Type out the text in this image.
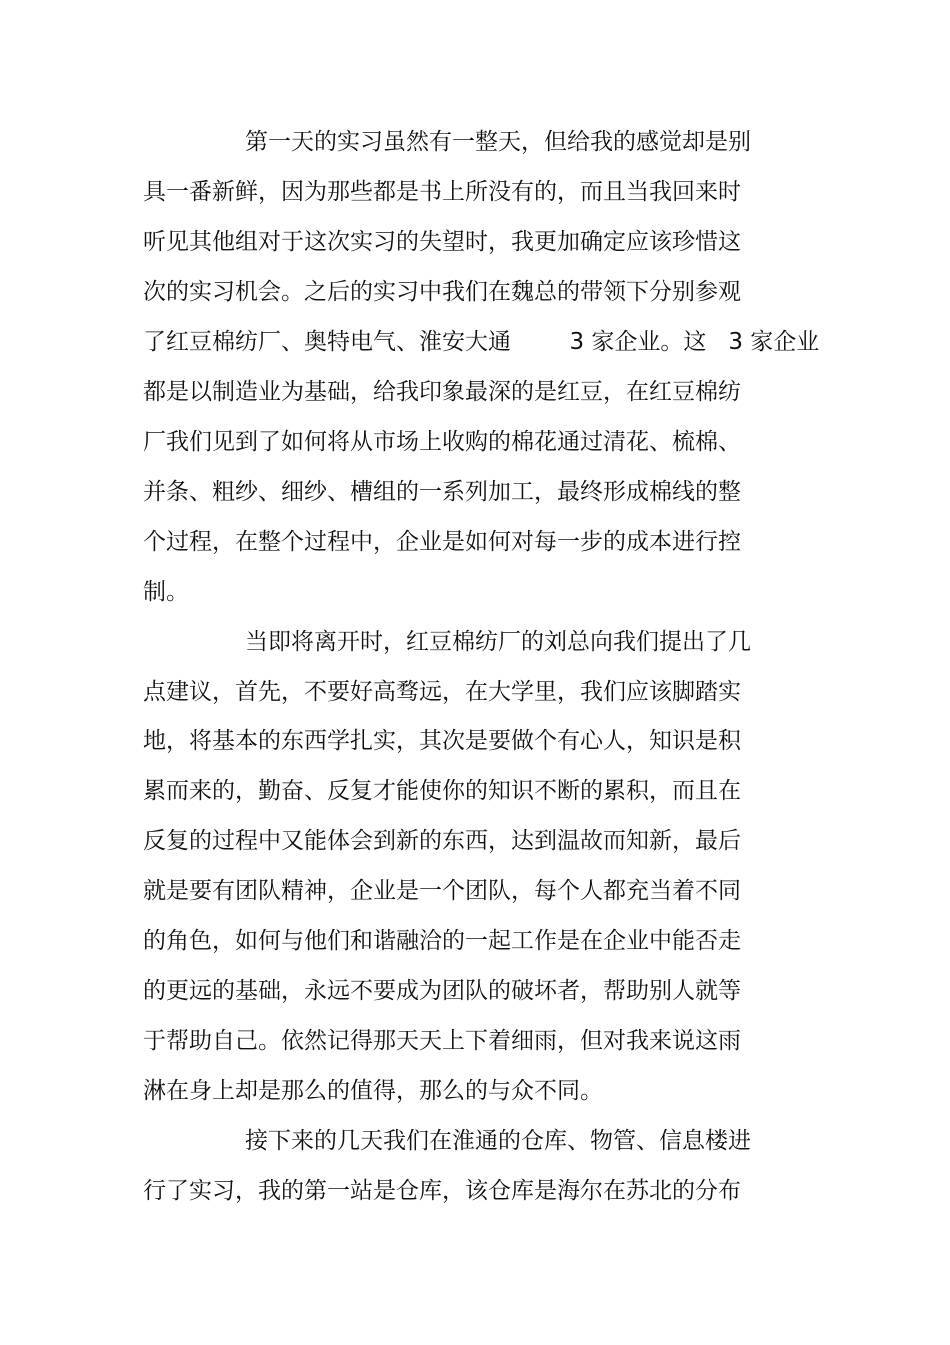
第一天的实习虽然有一整天，但给我的感觉却是别
具一番新鲜，因为那些都是书上所没有的，而且当我回来时
听见其他组对于这次实习的失望时，我更加确定应该珍惜这
次的实习机会。之后的实习中我们在魏总的带领下分别参观
了红豆棉纺厂、奥特电气、淮安大通        3 家企业。这   3 家企业
都是以制造业为基础，给我印象最深的是红豆，在红豆棉纺
厂我们见到了如何将从市场上收购的棉花通过清花、梳棉、
并条、粗纱、细纱、槽组的一系列加工，最终形成棉线的整
个过程，在整个过程中，企业是如何对每一步的成本进行控
制。
当即将离开时，红豆棉纺厂的刘总向我们提出了几
点建议，首先，不要好高骛远，在大学里，我们应该脚踏实
地，将基本的东西学扎实，其次是要做个有心人，知识是积
累而来的，勤奋、反复才能使你的知识不断的累积，而且在
反复的过程中又能体会到新的东西，达到温故而知新，最后
就是要有团队精神，企业是一个团队，每个人都充当着不同
的角色，如何与他们和谐融洽的一起工作是在企业中能否走
的更远的基础，永远不要成为团队的破坏者，帮助别人就等
于帮助自己。依然记得那天天上下着细雨，但对我来说这雨
淋在身上却是那么的值得，那么的与众不同。
接下来的几天我们在淮通的仓库、物管、信息楼进
行了实习，我的第一站是仓库，该仓库是海尔在苏北的分布
